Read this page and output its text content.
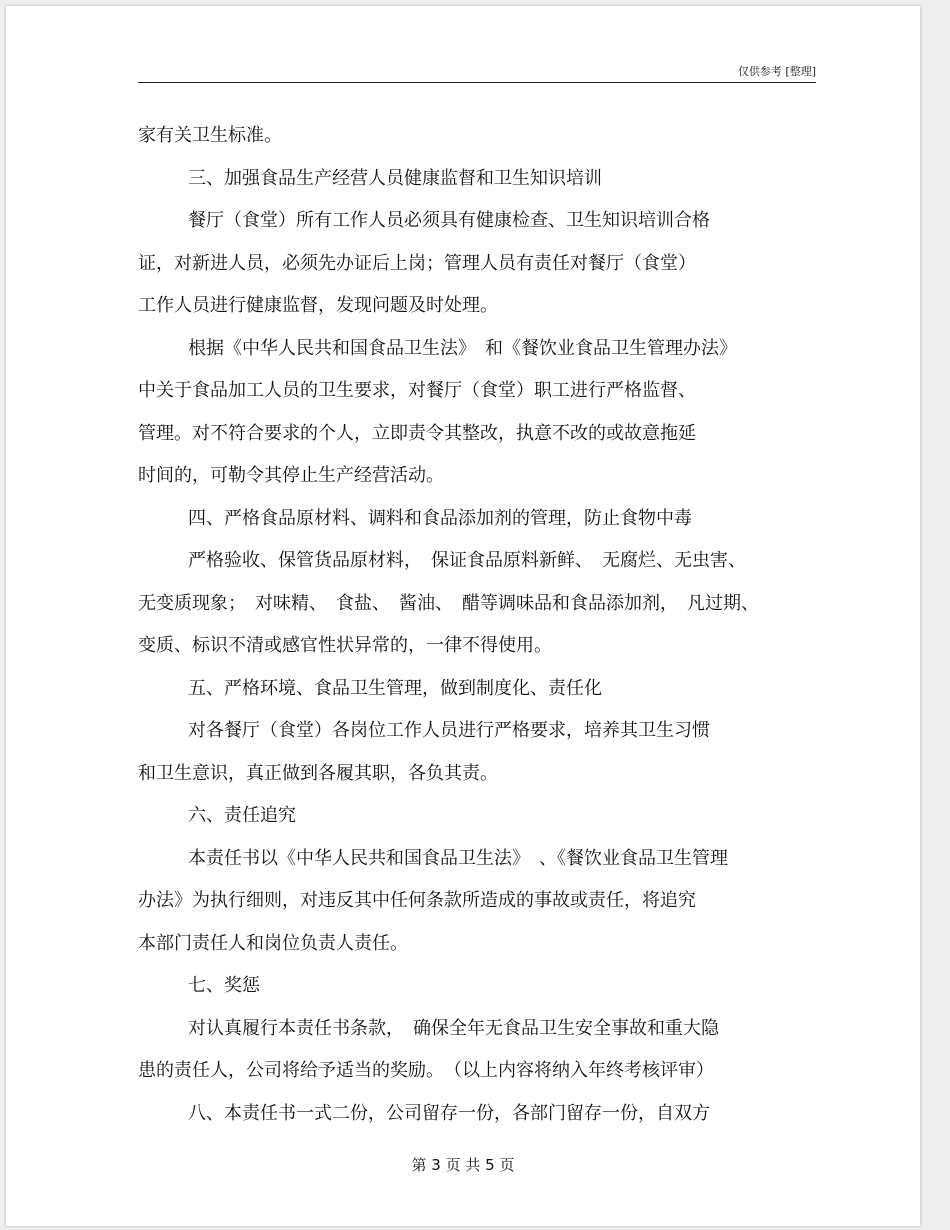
仅供参考 [整理]
家有关卫生标准。
三、加强食品生产经营人员健康监督和卫生知识培训
餐厅（食堂）所有工作人员必须具有健康检查、卫生知识培训合格
证，对新进人员，必须先办证后上岗；管理人员有责任对餐厅（食堂）
工作人员进行健康监督，发现问题及时处理。
根据《中华人民共和国食品卫生法》　和《餐饮业食品卫生管理办法》
中关于食品加工人员的卫生要求，对餐厅（食堂）职工进行严格监督、
管理。对不符合要求的个人，立即责令其整改，执意不改的或故意拖延
时间的，可勒令其停止生产经营活动。
四、严格食品原材料、调料和食品添加剂的管理，防止食物中毒
严格验收、保管货品原材料，　保证食品原料新鲜、　无腐烂、无虫害、
无变质现象；　对味精、　食盐、　酱油、　醋等调味品和食品添加剂，　凡过期、
变质、标识不清或感官性状异常的，一律不得使用。
五、严格环境、食品卫生管理，做到制度化、责任化
对各餐厅（食堂）各岗位工作人员进行严格要求，培养其卫生习惯
和卫生意识，真正做到各履其职，各负其责。
六、责任追究
本责任书以《中华人民共和国食品卫生法》　、《餐饮业食品卫生管理
办法》为执行细则，对违反其中任何条款所造成的事故或责任，将追究
本部门责任人和岗位负责人责任。
七、奖惩
对认真履行本责任书条款，　确保全年无食品卫生安全事故和重大隐
患的责任人，公司将给予适当的奖励。　（以上内容将纳入年终考核评审）
八、本责任书一式二份，公司留存一份，各部门留存一份，自双方
第 3 页 共 5 页
